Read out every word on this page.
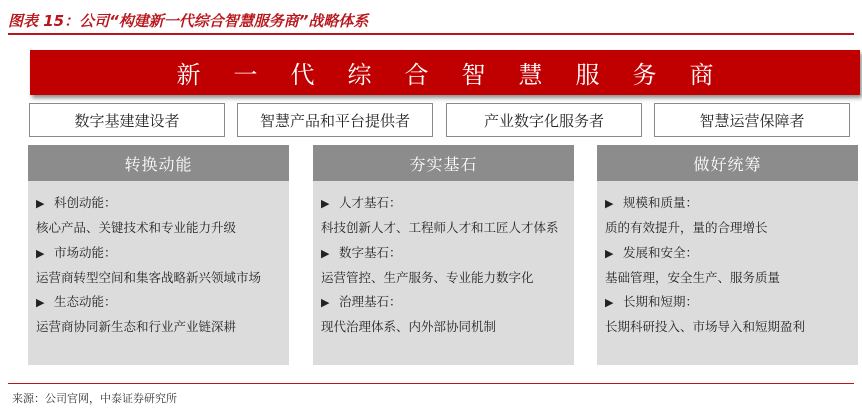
图表 15：公司“构建新一代综合智慧服务商”战略体系
新一代综合智慧服务商
数字基建建设者	智慧产品和平台提供者	产业数字化服务者	智慧运营保障者
转换动能
▶ 科创动能：
核心产品、关键技术和专业能力升级
▶ 市场动能：
运营商转型空间和集客战略新兴领域市场
▶ 生态动能：
运营商协同新生态和行业产业链深耕
夯实基石
▶ 人才基石：
科技创新人才、工程师人才和工匠人才体系
▶ 数字基石：
运营管控、生产服务、专业能力数字化
▶ 治理基石：
现代治理体系、内外部协同机制
做好统筹
▶ 规模和质量：
质的有效提升，量的合理增长
▶ 发展和安全：
基础管理，安全生产、服务质量
▶ 长期和短期：
长期科研投入、市场导入和短期盈利
来源：公司官网，中泰证券研究所
